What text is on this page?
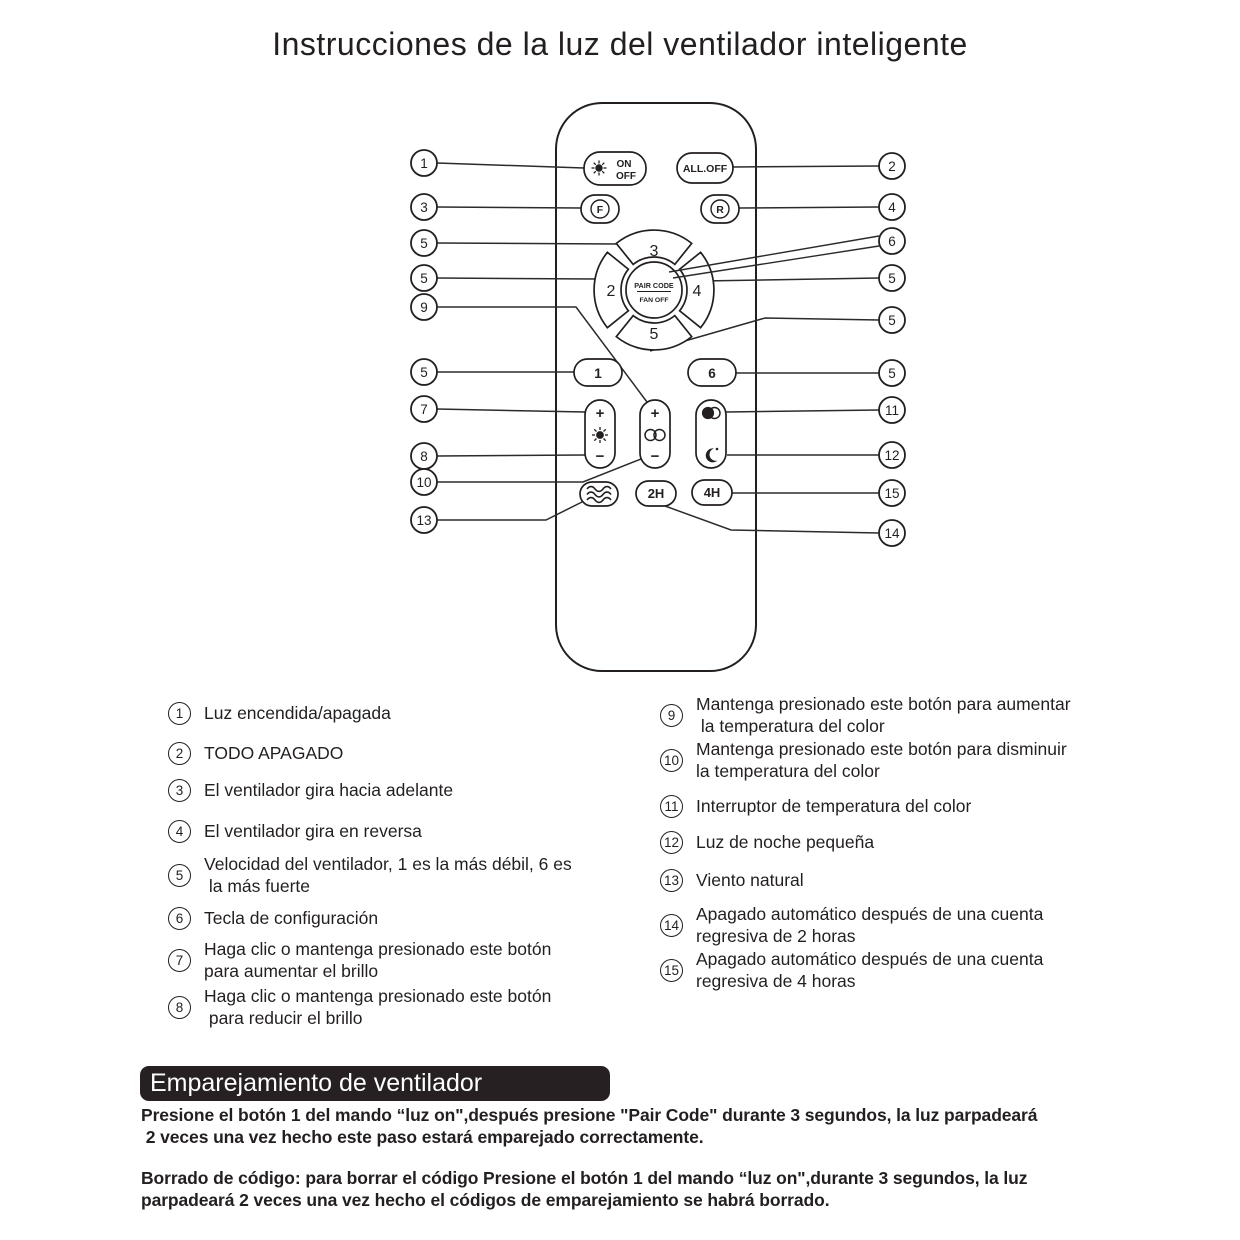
Instrucciones de la luz del ventilador inteligente
ON
OFF
ALL.OFF
F	R
3
2	4
5
PAIR CODE
FAN OFF
1	6
+
−
+
−
2H	4H
1
3
5
5
9
5
7
8
10
13
2
4
6
5
5
5
11
12
15
14
1	Luz encendida/apagada
2	TODO APAGADO
3	El ventilador gira hacia adelante
4	El ventilador gira en reversa
5
Velocidad del ventilador, 1 es la más débil, 6 es
la más fuerte
6	Tecla de configuración
7
Haga clic o mantenga presionado este botón
para aumentar el brillo
8
Haga clic o mantenga presionado este botón
para reducir el brillo
9
Mantenga presionado este botón para aumentar
la temperatura del color
10
Mantenga presionado este botón para disminuir
la temperatura del color
11 Interruptor de temperatura del color
12 Luz de noche pequeña
13 Viento natural
14
Apagado automático después de una cuenta
regresiva de 2 horas
15
Apagado automático después de una cuenta
regresiva de 4 horas
Emparejamiento de ventilador
Presione el botón 1 del mando “luz on",después presione "Pair Code" durante 3 segundos, la luz parpadeará
2 veces una vez hecho este paso estará emparejado correctamente.
Borrado de código: para borrar el código Presione el botón 1 del mando “luz on",durante 3 segundos, la luz
parpadeará 2 veces una vez hecho el códigos de emparejamiento se habrá borrado.
